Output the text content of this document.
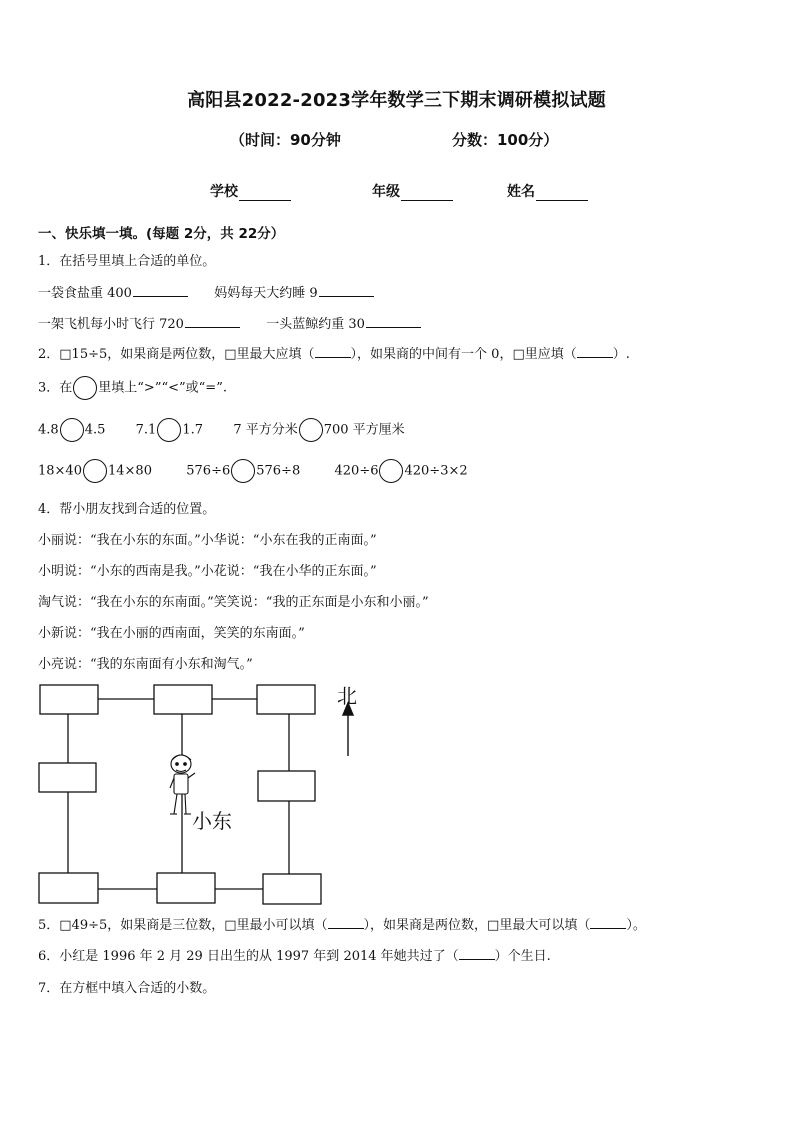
高阳县2022-2023学年数学三下期末调研模拟试题
（时间：90分钟	分数：100分）
学校	年级	姓名
一、快乐填一填。(每题 2分，共 22分）
1．在括号里填上合适的单位。
一袋食盐重 400	妈妈每天大约睡 9
一架飞机每小时飞行 720	一头蓝鲸约重 30
2．□15÷5，如果商是两位数，□里最大应填（	），如果商的中间有一个 0，□里应填（	）.
3．在 里填上“>”“<”或“=”.
4.8 4.5 7.1 1.7 7 平方分米 700 平方厘米
18×40 14×80	576÷6 576÷8	420÷6 420÷3×2
4．帮小朋友找到合适的位置。
小丽说：“我在小东的东面。”小华说：“小东在我的正南面。”
小明说：“小东的西南是我。”小花说：“我在小华的正东面。”
淘气说：“我在小东的东南面。”笑笑说：“我的正东面是小东和小丽。”
小新说：“我在小丽的西南面，笑笑的东南面。”
小亮说：“我的东南面有小东和淘气。”
北
小东
5．□49÷5，如果商是三位数，□里最小可以填（	），如果商是两位数，□里最大可以填（	）。
6．小红是 1996 年 2 月 29 日出生的从 1997 年到 2014 年她共过了（	）个生日.
7．在方框中填入合适的小数。
